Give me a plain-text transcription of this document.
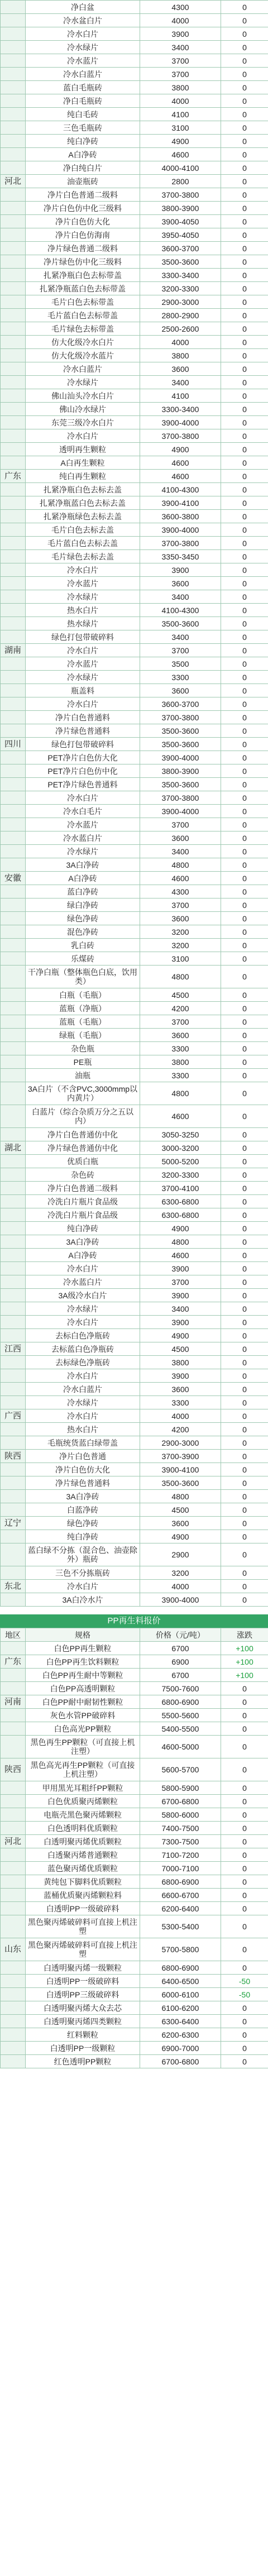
	净白盆	4300	0
	冷水盆白片	4000	0
	冷水白片	3900	0
	冷水绿片	3400	0
	冷水蓝片	3700	0
	冷水白蓝片	3700	0
	蓝白毛瓶砖	3800	0
	净白毛瓶砖	4000	0
	纯白毛砖	4100	0
	三色毛瓶砖	3100	0
	纯白净砖	4900	0
	A白净砖	4600	0
	净白纯白片	4000-4100	0
河北	油壶瓶砖	2800	0
	净片白色普通二级料	3700-3800	0
	净片白色仿中化三级料	3800-3900	0
	净片白色仿大化	3900-4050	0
	净片白色仿海南	3950-4050	0
	净片绿色普通二级料	3600-3700	0
	净片绿色仿中化三级料	3500-3600	0
	扎紧净瓶白色去标带盖	3300-3400	0
	扎紧净瓶蓝白色去标带盖	3200-3300	0
	毛片白色去标带盖	2900-3000	0
	毛片蓝白色去标带盖	2800-2900	0
	毛片绿色去标带盖	2500-2600	0
	仿大化级冷水白片	4000	0
	仿大化级冷水蓝片	3800	0
	冷水白蓝片	3600	0
	冷水绿片	3400	0
	佛山汕头冷水白片	4100	0
	佛山冷水绿片	3300-3400	0
	东莞三级冷水白片	3900-4000	0
	冷水白片	3700-3800	0
	透明再生颗粒	4900	0
	A白再生颗粒	4600	0
广东	纯白再生颗粒	4600	0
	扎紧净瓶白色去标去盖	4100-4300	0
	扎紧净瓶蓝白色去标去盖	3900-4100	0
	扎紧净瓶绿色去标去盖	3600-3800	0
	毛片白色去标去盖	3900-4000	0
	毛片蓝白色去标去盖	3700-3800	0
	毛片绿色去标去盖	3350-3450	0
	冷水白片	3900	0
	冷水蓝片	3600	0
	冷水绿片	3400	0
	热水白片	4100-4300	0
	热水绿片	3500-3600	0
	绿色打包带破碎料	3400	0
湖南	冷水白片	3700	0
	冷水蓝片	3500	0
	冷水绿片	3300	0
	瓶盖料	3600	0
	冷水白片	3600-3700	0
	净片白色普通料	3700-3800	0
	净片绿色普通料	3500-3600	0
四川	绿色打包带破碎料	3500-3600	0
	PET净片白色仿大化	3900-4000	0
	PET净片白色仿中化	3800-3900	0
	PET净片绿色普通料	3500-3600	0
	冷水白片	3700-3800	0
	冷水白毛片	3900-4000	0
	冷水蓝片	3700	0
	冷水蓝白片	3600	0
	冷水绿片	3400	0
	3A白净砖	4800	0
安徽	A白净砖	4600	0
	蓝白净砖	4300	0
	绿白净砖	3700	0
	绿色净砖	3600	0
	混色净砖	3200	0
	乳白砖	3200	0
	乐煤砖	3100	0
	干净白瓶（整体瓶色白底，饮用类）	4800	0
	白瓶（毛瓶）	4500	0
	蓝瓶（净瓶）	4200	0
	蓝瓶（毛瓶）	3700	0
	绿瓶（毛瓶）	3600	0
	杂色瓶	3300	0
	PE瓶	3800	0
	油瓶	3300	0
	3A白片（不含PVC,3000mmp以内黄片）	4800	0
	白蓝片（综合杂质万分之五以内）	4600	0
	净片白色普通仿中化	3050-3250	0
湖北	净片绿色普通仿中化	3000-3200	0
	优质白瓶	5000-5200	0
	杂色砖	3200-3300	0
	净片白色普通二级料	3700-4100	0
	冷洗白片瓶片食品级	6300-6800	0
	冷洗白片瓶片食品级	6300-6800	0
	纯白净砖	4900	0
	3A白净砖	4800	0
	A白净砖	4600	0
	冷水白片	3900	0
	冷水蓝白片	3700	0
	3A级冷水白片	3900	0
	冷水绿片	3400	0
	冷水白片	3900	0
	去标白色净瓶砖	4900	0
江西	去标蓝白色净瓶砖	4500	0
	去标绿色净瓶砖	3800	0
	冷水白片	3900	0
	冷水白蓝片	3600	0
	冷水绿片	3300	0
广西	冷水白片	4000	0
	热水白片	4200	0
	毛瓶统货蓝白绿带盖	2900-3000	0
陕西	净片白色普通	3700-3900	0
	净片白色仿大化	3900-4100	0
	净片绿色普通料	3500-3600	0
	3A白净砖	4800	0
	白蓝净砖	4500	0
辽宁	绿色净砖	3600	0
	纯白净砖	4900	0
	蓝白绿不分拣（混合色、油壶除外）瓶砖	2900	0
	三色不分拣瓶砖	3200	0
东北	冷水白片	4000	0
	3A白冷水片	3900-4000	0
PP再生料报价
地区	规格	价格（元/吨）	涨跌
	白色PP再生颗粒	6700	+100
广东	白色PP再生饮料颗粒	6900	+100
	白色PP再生耐中等颗粒	6700	+100
	白色PP高透明颗粒	7500-7600	0
河南	白色PP耐中耐韧性颗粒	6800-6900	0
	灰色水管PP破碎料	5500-5600	0
	白色高光PP颗粒	5400-5500	0
	黑色再生PP颗粒（可直接上机注塑）	4600-5000	0
陕西	黑色高光再生PP颗粒（可直接上机注塑）	5600-5700	0
	甲用黑光耳粗纤PP颗粒	5800-5900	0
	白色优质聚丙烯颗粒	6700-6800	0
	电瓶壳黑色聚丙烯颗粒	5800-6000	0
	白色透明料优质颗粒	7400-7500	0
河北	白透明聚丙烯优质颗粒	7300-7500	0
	白透聚丙烯普通颗粒	7100-7200	0
	蓝色聚丙烯优质颗粒	7000-7100	0
	黄纯包下脚料优质颗粒	6800-6900	0
	蓝桶优质聚丙烯颗粒料	6600-6700	0
	白透明PP一级破碎料	6200-6400	0
	黑色聚丙烯破碎料可直接上机注塑	5300-5400	0
山东	黑色聚丙烯破碎料可直接上机注塑	5700-5800	0
	白透明聚丙烯一级颗粒	6800-6900	0
	白透明PP一级破碎料	6400-6500	-50
	白透明PP三级破碎料	6000-6100	-50
	白透明聚丙烯大众去芯	6100-6200	0
	白透明聚丙烯四类颗粒	6300-6400	0
	红料颗粒	6200-6300	0
	白透明PP一级颗粒	6900-7000	0
	红色透明PP颗粒	6700-6800	0
